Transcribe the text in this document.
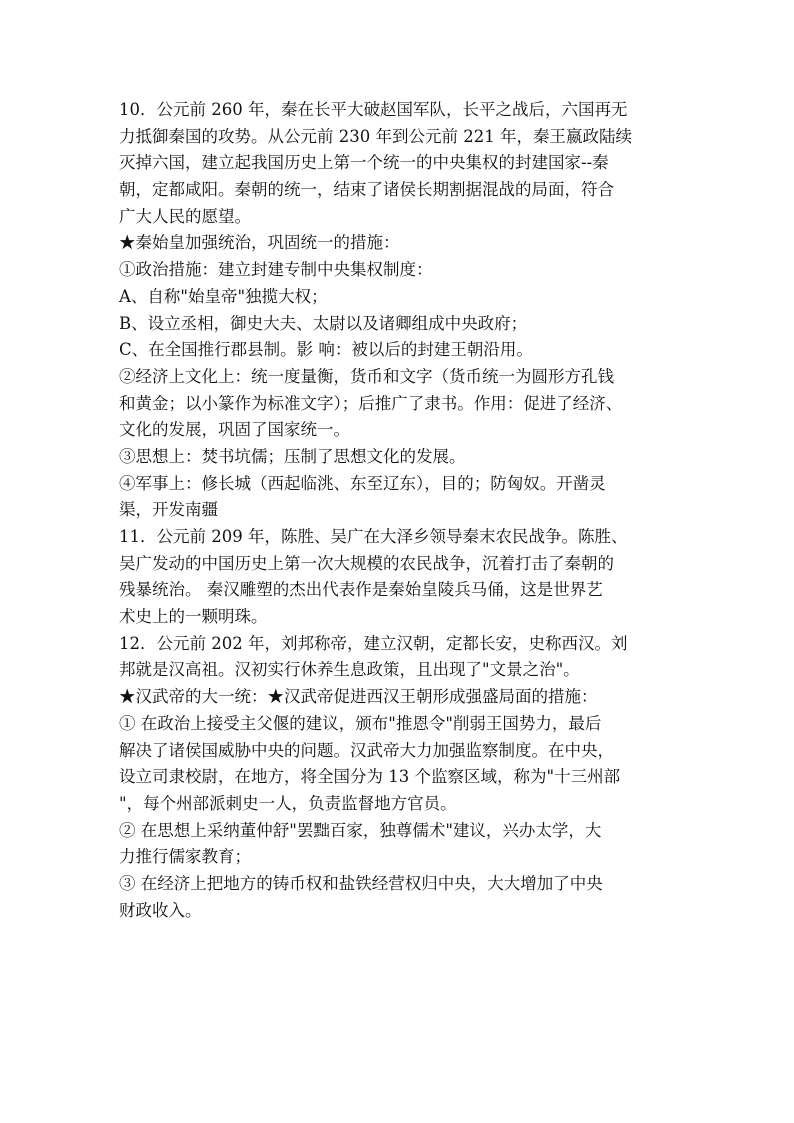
10．公元前 260 年，秦在长平大破赵国军队，长平之战后，六国再无
力抵御秦国的攻势。从公元前 230 年到公元前 221 年，秦王嬴政陆续
灭掉六国，建立起我国历史上第一个统一的中央集权的封建国家--秦
朝，定都咸阳。秦朝的统一，结束了诸侯长期割据混战的局面，符合
广大人民的愿望。
★秦始皇加强统治，巩固统一的措施：
①政治措施：建立封建专制中央集权制度：
A、自称"始皇帝"独揽大权；
B、设立丞相，御史大夫、太尉以及诸卿组成中央政府；
C、在全国推行郡县制。影 响：被以后的封建王朝沿用。
②经济上文化上：统一度量衡，货币和文字（货币统一为圆形方孔钱
和黄金；以小篆作为标准文字）；后推广了隶书。作用：促进了经济、
文化的发展，巩固了国家统一。
③思想上：焚书坑儒；压制了思想文化的发展。
④军事上：修长城（西起临洮、东至辽东），目的；防匈奴。开凿灵
渠，开发南疆
11．公元前 209 年，陈胜、吴广在大泽乡领导秦末农民战争。陈胜、
吴广发动的中国历史上第一次大规模的农民战争，沉着打击了秦朝的
残暴统治。 秦汉雕塑的杰出代表作是秦始皇陵兵马俑，这是世界艺
术史上的一颗明珠。
12．公元前 202 年，刘邦称帝，建立汉朝，定都长安，史称西汉。刘
邦就是汉高祖。汉初实行休养生息政策，且出现了"文景之治"。
★汉武帝的大一统：★汉武帝促进西汉王朝形成强盛局面的措施：
① 在政治上接受主父偃的建议，颁布"推恩令"削弱王国势力，最后
解决了诸侯国威胁中央的问题。汉武帝大力加强监察制度。在中央，
设立司隶校尉，在地方，将全国分为 13 个监察区域，称为"十三州部
"，每个州部派刺史一人，负责监督地方官员。
② 在思想上采纳董仲舒"罢黜百家，独尊儒术"建议，兴办太学，大
力推行儒家教育；
③ 在经济上把地方的铸币权和盐铁经营权归中央，大大增加了中央
财政收入。
